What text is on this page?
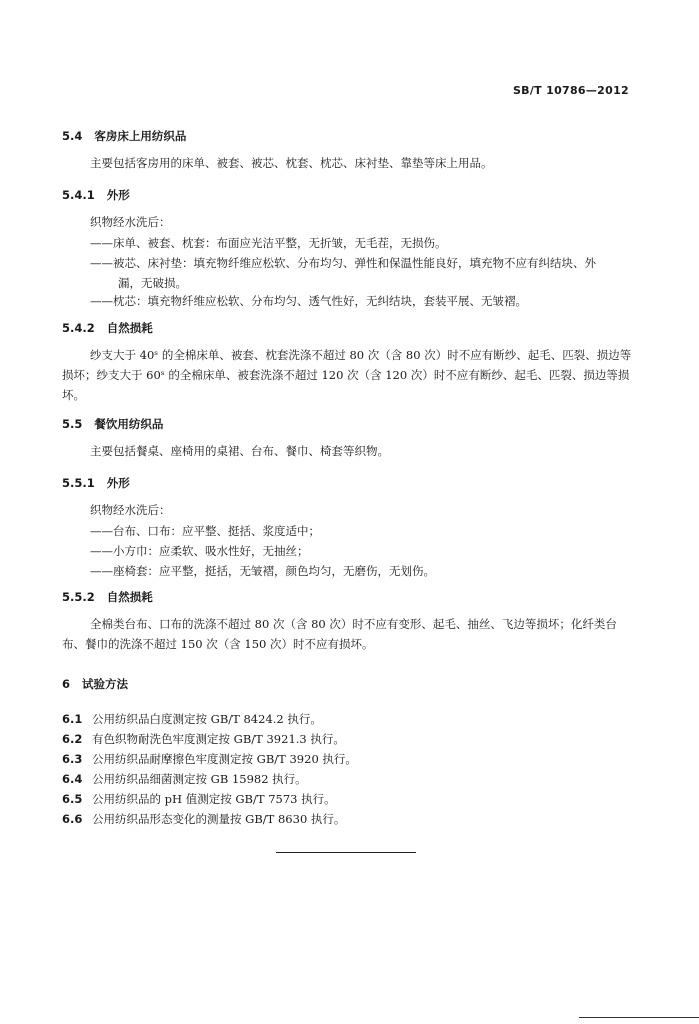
SB/T 10786—2012
5.4 客房床上用纺织品
主要包括客房用的床单、被套、被芯、枕套、枕芯、床衬垫、靠垫等床上用品。
5.4.1 外形
织物经水洗后：
——床单、被套、枕套：布面应光洁平整，无折皱，无毛茬，无损伤。
——被芯、床衬垫：填充物纤维应松软、分布均匀、弹性和保温性能良好，填充物不应有纠结块、外
漏，无破损。
——枕芯：填充物纤维应松软、分布均匀、透气性好，无纠结块，套装平展、无皱褶。
5.4.2 自然损耗
纱支大于 40ˢ 的全棉床单、被套、枕套洗涤不超过 80 次（含 80 次）时不应有断纱、起毛、匹裂、损边等损坏；纱支大于 60ˢ 的全棉床单、被套洗涤不超过 120 次（含 120 次）时不应有断纱、起毛、匹裂、损边等损坏。
5.5 餐饮用纺织品
主要包括餐桌、座椅用的桌裙、台布、餐巾、椅套等织物。
5.5.1 外形
织物经水洗后：
——台布、口布：应平整、挺括、浆度适中；
——小方巾：应柔软、吸水性好，无抽丝；
——座椅套：应平整，挺括，无皱褶，颜色均匀，无磨伤，无划伤。
5.5.2 自然损耗
全棉类台布、口布的洗涤不超过 80 次（含 80 次）时不应有变形、起毛、抽丝、飞边等损坏；化纤类台布、餐巾的洗涤不超过 150 次（含 150 次）时不应有损坏。
6 试验方法
6.1 公用纺织品白度测定按 GB/T 8424.2 执行。
6.2 有色织物耐洗色牢度测定按 GB/T 3921.3 执行。
6.3 公用纺织品耐摩擦色牢度测定按 GB/T 3920 执行。
6.4 公用纺织品细菌测定按 GB 15982 执行。
6.5 公用纺织品的 pH 值测定按 GB/T 7573 执行。
6.6 公用纺织品形态变化的测量按 GB/T 8630 执行。
